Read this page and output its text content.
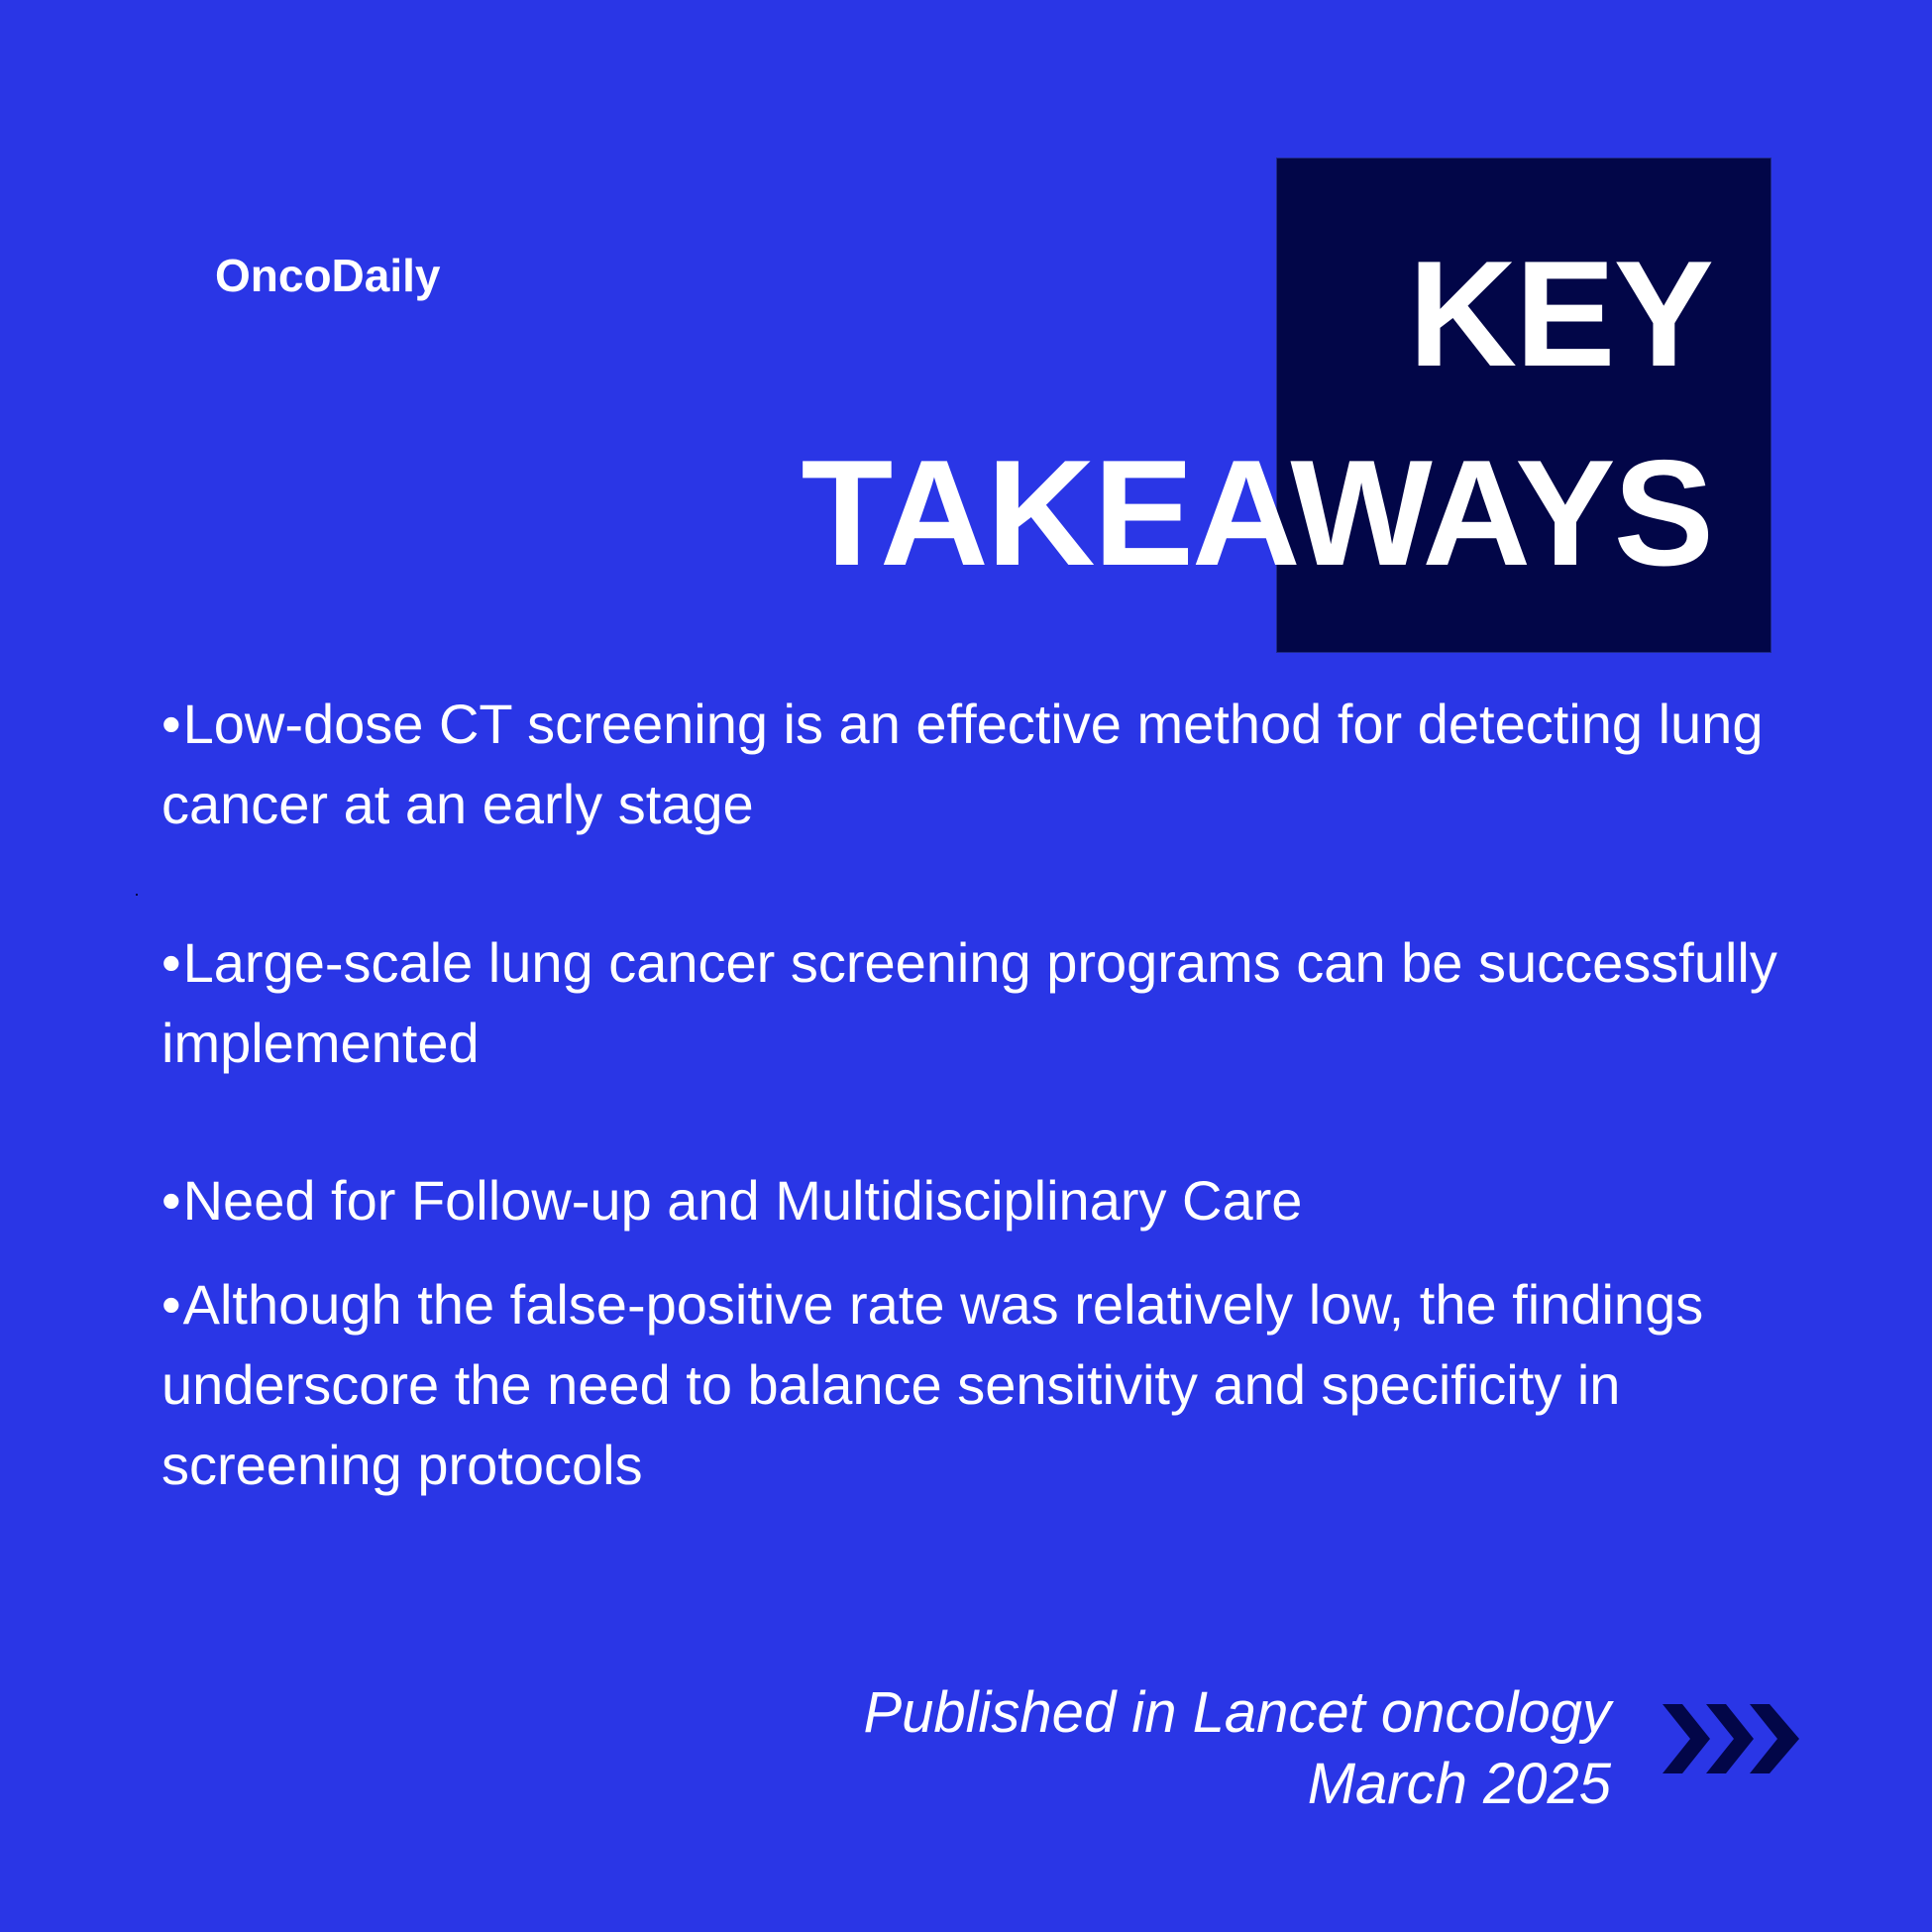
OncoDaily	KEY
TAKEAWAYS
•Low-dose CT screening is an effective method for detecting lung cancer at an early stage
•Large-scale lung cancer screening programs can be successfully implemented
•Need for Follow-up and Multidisciplinary Care
•Although the false-positive rate was relatively low, the findings underscore the need to balance sensitivity and specificity in screening protocols
Published in Lancet oncology
March 2025
